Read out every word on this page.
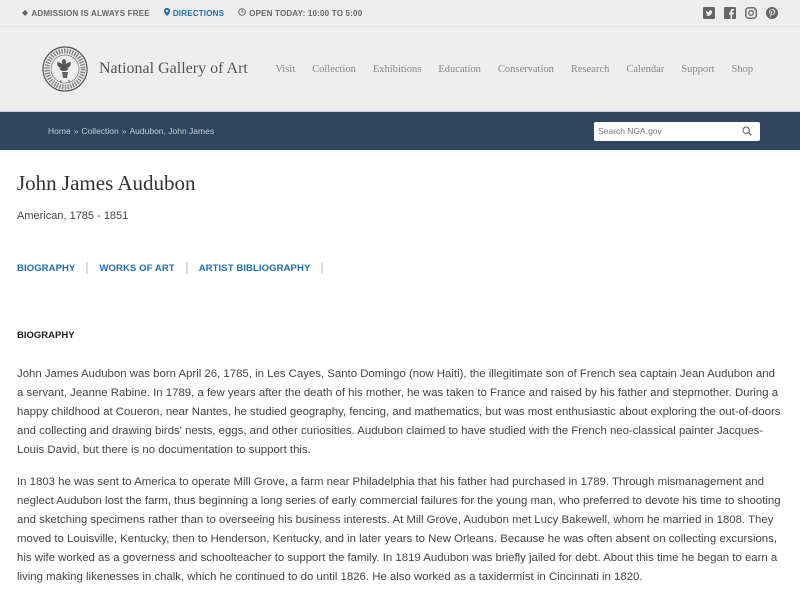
◆ ADMISSION IS ALWAYS FREE	DIRECTIONS	OPEN TODAY: 10:00 TO 5:00
National Gallery of Art	Visit	Collection	Exhibitions	Education	Conservation	Research	Calendar	Support	Shop
Home » Collection » Audubon, John James
Search NGA.gov
John James Audubon
American, 1785 - 1851
BIOGRAPHY	WORKS OF ART	ARTIST BIBLIOGRAPHY
BIOGRAPHY

John James Audubon was born April 26, 1785, in Les Cayes, Santo Domingo (now Haiti), the illegitimate son of French sea captain Jean Audubon and a servant, Jeanne Rabine. In 1789, a few years after the death of his mother, he was taken to France and raised by his father and stepmother. During a happy childhood at Coueron, near Nantes, he studied geography, fencing, and mathematics, but was most enthusiastic about exploring the out-of-doors and collecting and drawing birds' nests, eggs, and other curiosities. Audubon claimed to have studied with the French neo-classical painter Jacques-Louis David, but there is no documentation to support this.

In 1803 he was sent to America to operate Mill Grove, a farm near Philadelphia that his father had purchased in 1789. Through mismanagement and neglect Audubon lost the farm, thus beginning a long series of early commercial failures for the young man, who preferred to devote his time to shooting and sketching specimens rather than to overseeing his business interests. At Mill Grove, Audubon met Lucy Bakewell, whom he married in 1808. They moved to Louisville, Kentucky, then to Henderson, Kentucky, and in later years to New Orleans. Because he was often absent on collecting excursions, his wife worked as a governess and schoolteacher to support the family. In 1819 Audubon was briefly jailed for debt. About this time he began to earn a living making likenesses in chalk, which he continued to do until 1826. He also worked as a taxidermist in Cincinnati in 1820.
